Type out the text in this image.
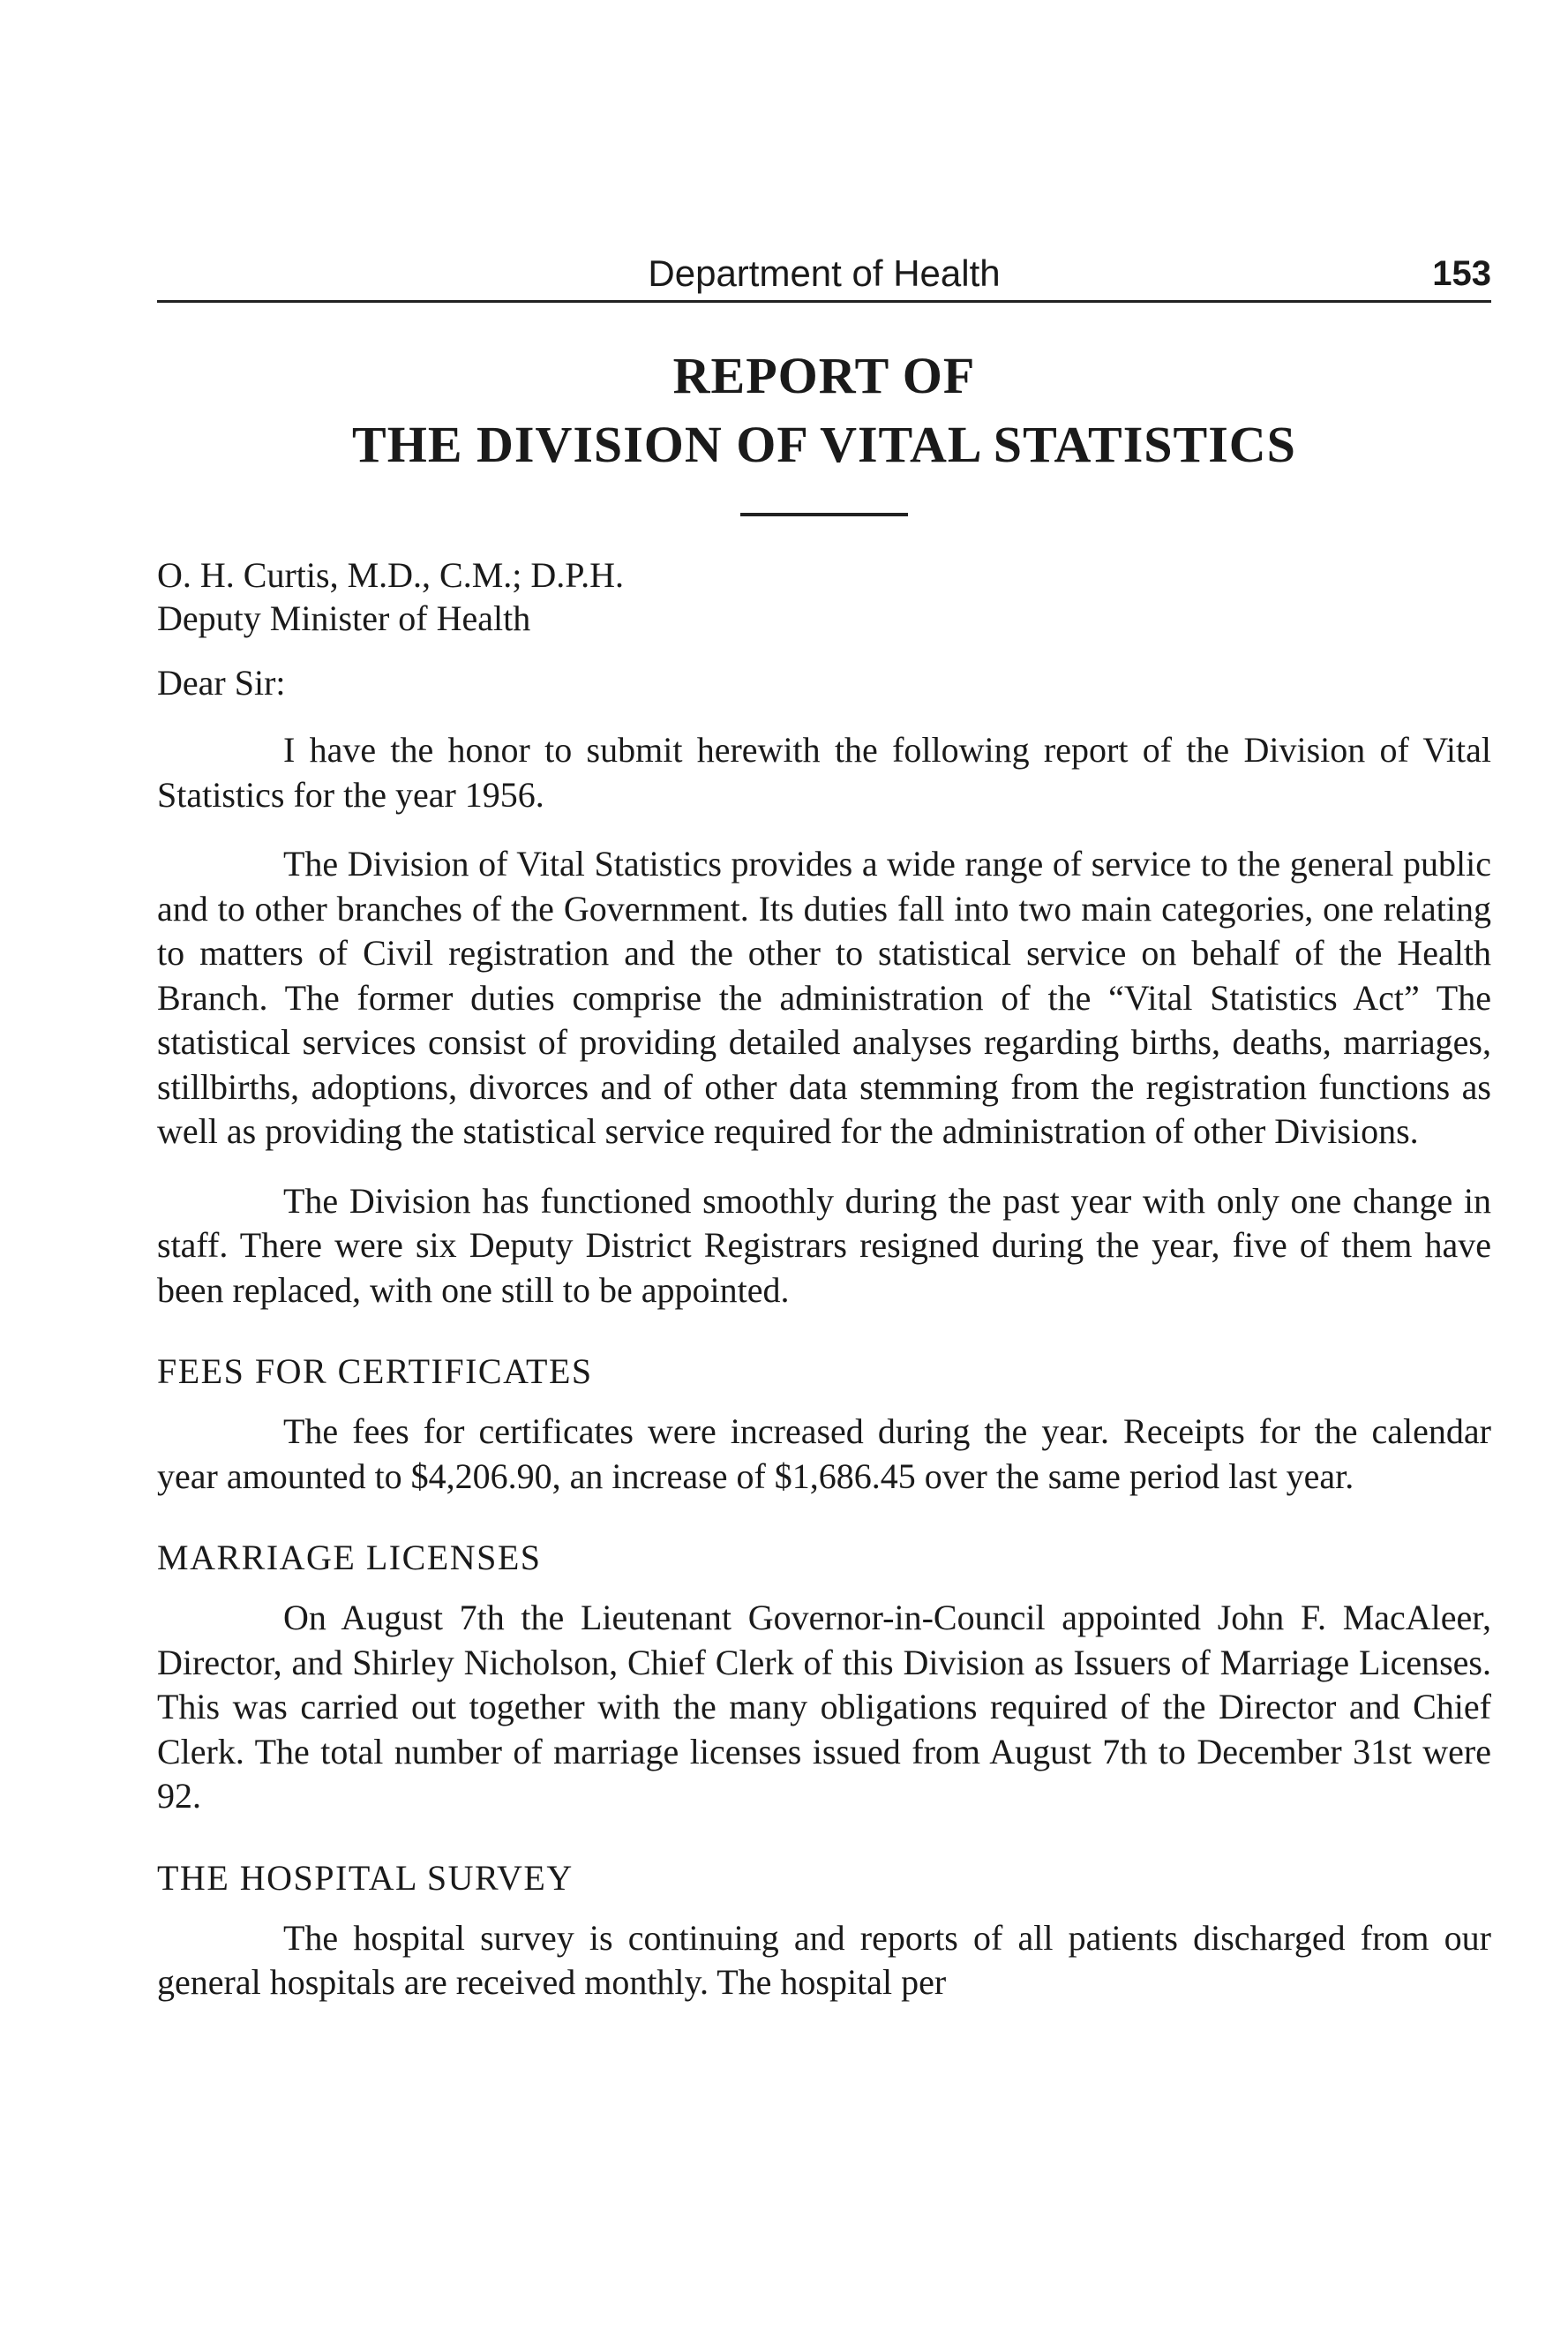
Department of Health	153
REPORT OF
THE DIVISION OF VITAL STATISTICS
O. H. Curtis, M.D., C.M.; D.P.H.
Deputy Minister of Health
Dear Sir:

I have the honor to submit herewith the following report of the Division of Vital Statistics for the year 1956.

The Division of Vital Statistics provides a wide range of service to the general public and to other branches of the Government. Its duties fall into two main categories, one relating to matters of Civil registration and the other to statistical service on behalf of the Health Branch. The former duties comprise the administration of the “Vital Statistics Act” The statistical services consist of providing detailed analyses regarding births, deaths, marriages, stillbirths, adoptions, divorces and of other data stemming from the registration functions as well as providing the statistical service required for the administration of other Divisions.

The Division has functioned smoothly during the past year with only one change in staff. There were six Deputy District Registrars resigned during the year, five of them have been replaced, with one still to be appointed.

FEES FOR CERTIFICATES

The fees for certificates were increased during the year. Receipts for the calendar year amounted to $4,206.90, an increase of $1,686.45 over the same period last year.

MARRIAGE LICENSES

On August 7th the Lieutenant Governor-in-Council appointed John F. MacAleer, Director, and Shirley Nicholson, Chief Clerk of this Division as Issuers of Marriage Licenses. This was carried out together with the many obligations required of the Director and Chief Clerk. The total number of marriage licenses issued from August 7th to December 31st were 92.

THE HOSPITAL SURVEY

The hospital survey is continuing and reports of all patients discharged from our general hospitals are received monthly. The hospital per
